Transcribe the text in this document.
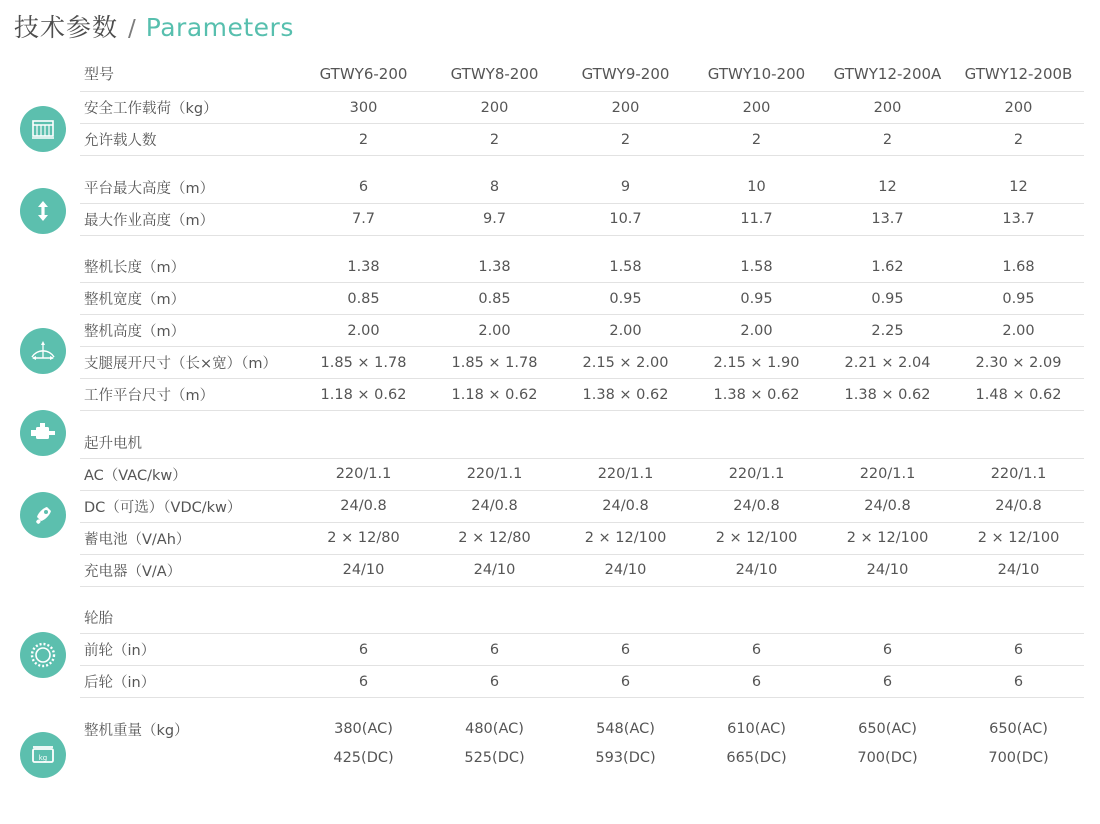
技术参数 / Parameters
kg
型号	GTWY6-200	GTWY8-200	GTWY9-200	GTWY10-200	GTWY12-200A	GTWY12-200B
安全工作载荷（kg）	300	200	200	200	200	200
允许载人数	2	2	2	2	2	2

平台最大高度（m）	6	8	9	10	12	12
最大作业高度（m）	7.7	9.7	10.7	11.7	13.7	13.7

整机长度（m）	1.38	1.38	1.58	1.58	1.62	1.68
整机宽度（m）	0.85	0.85	0.95	0.95	0.95	0.95
整机高度（m）	2.00	2.00	2.00	2.00	2.25	2.00
支腿展开尺寸（长×宽）（m）	1.85 × 1.78	1.85 × 1.78	2.15 × 2.00	2.15 × 1.90	2.21 × 2.04	2.30 × 2.09
工作平台尺寸（m）	1.18 × 0.62	1.18 × 0.62	1.38 × 0.62	1.38 × 0.62	1.38 × 0.62	1.48 × 0.62

起升电机						
AC（VAC/kw）	220/1.1	220/1.1	220/1.1	220/1.1	220/1.1	220/1.1
DC（可选）（VDC/kw）	24/0.8	24/0.8	24/0.8	24/0.8	24/0.8	24/0.8
蓄电池（V/Ah）	2 × 12/80	2 × 12/80	2 × 12/100	2 × 12/100	2 × 12/100	2 × 12/100
充电器（V/A）	24/10	24/10	24/10	24/10	24/10	24/10

轮胎						
前轮（in）	6	6	6	6	6	6
后轮（in）	6	6	6	6	6	6

整机重量（kg）	380(AC)	480(AC)	548(AC)	610(AC)	650(AC)	650(AC)
	425(DC)	525(DC)	593(DC)	665(DC)	700(DC)	700(DC)
